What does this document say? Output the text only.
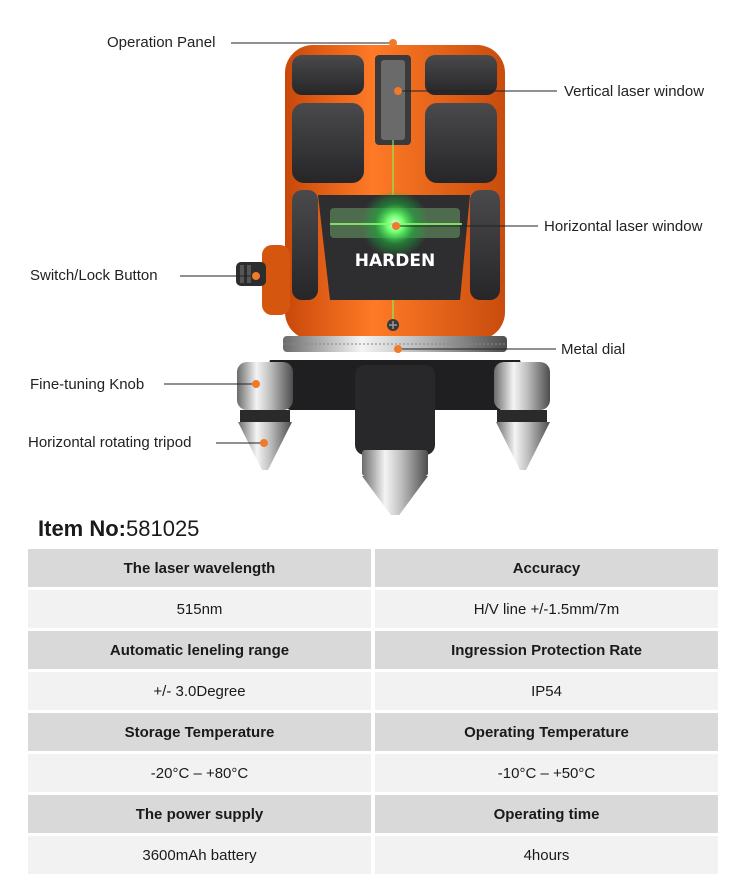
HARDEN
Operation Panel
Vertical laser window
Horizontal laser window
Switch/Lock Button
Metal dial
Fine-tuning Knob
Horizontal rotating tripod
Item No:581025
The laser wavelength	Accuracy
515nm	H/V line +/-1.5mm/7m
Automatic leneling range	Ingression Protection Rate
+/- 3.0Degree	IP54
Storage Temperature	Operating Temperature
-20°C – +80°C	-10°C – +50°C
The power supply	Operating time
3600mAh battery	4hours
